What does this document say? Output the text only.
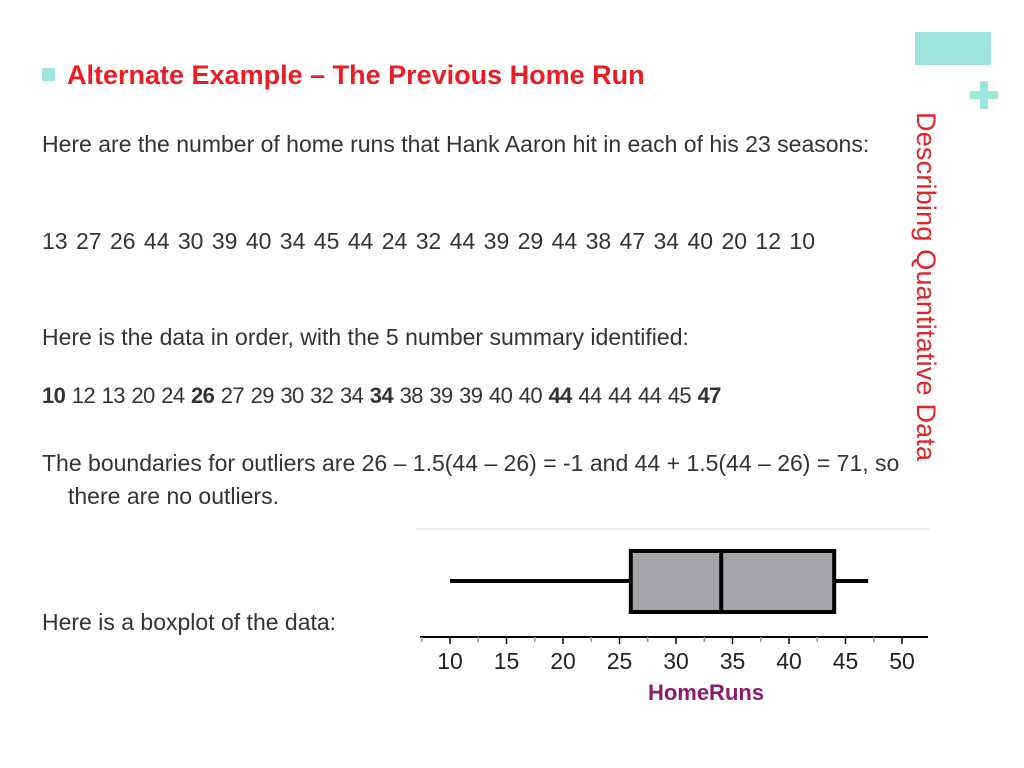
Describing Quantitative Data
Alternate Example – The Previous Home Run

Here are the number of home runs that Hank Aaron hit in each of his 23 seasons:

13 27 26 44 30 39 40 34 45 44 24 32 44 39 29 44 38 47 34 40 20 12 10

Here is the data in order, with the 5 number summary identified:

10 12 13 20 24 26 27 29 30 32 34 34 38 39 39 40 40 44 44 44 44 45 47

The boundaries for outliers are 26 – 1.5(44 – 26) = -1 and 44 + 1.5(44 – 26) = 71, so there are no outliers.

Here is a boxplot of the data:

10 15 20 25 30 35 40 45 50
HomeRuns
